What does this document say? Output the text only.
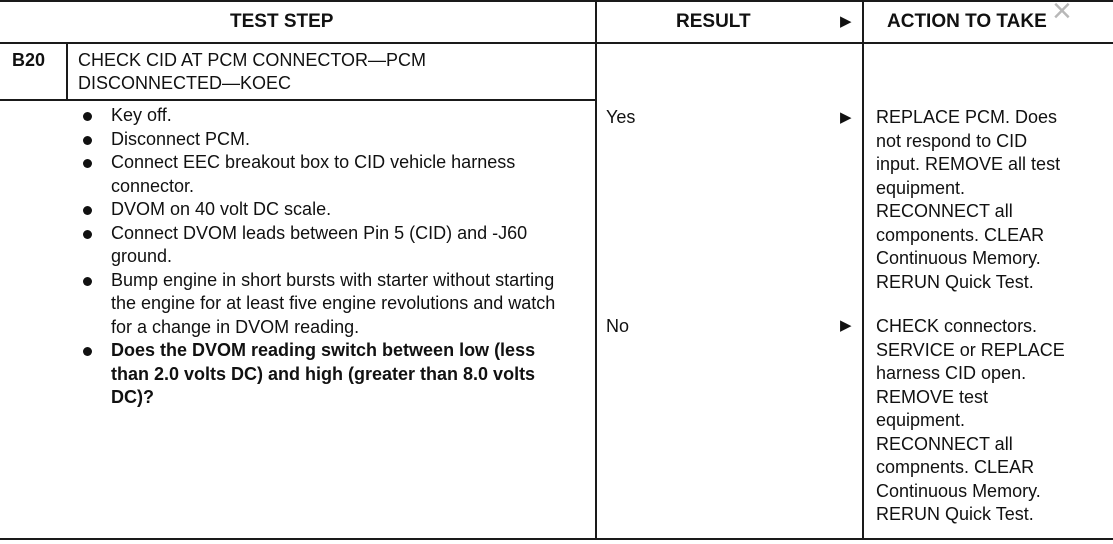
TEST STEP	RESULT	▶ ACTION TO TAKE ×
B20 CHECK CID AT PCM CONNECTOR—PCM
DISCONNECTED—KOEC
Key off.
Disconnect PCM.
Connect EEC breakout box to CID vehicle harness connector.
DVOM on 40 volt DC scale.
Connect DVOM leads between Pin 5 (CID) and -J60 ground.
Bump engine in short bursts with starter without starting the engine for at least five engine revolutions and watch for a change in DVOM reading.
Does the DVOM reading switch between low (less than 2.0 volts DC) and high (greater than 8.0 volts DC)?
Yes	▶ REPLACE PCM. Does
not respond to CID
input. REMOVE all test
equipment.
RECONNECT all
components. CLEAR
Continuous Memory.
RERUN Quick Test.
No	▶ CHECK connectors.
SERVICE or REPLACE
harness CID open.
REMOVE test
equipment.
RECONNECT all
compnents. CLEAR
Continuous Memory.
RERUN Quick Test.
